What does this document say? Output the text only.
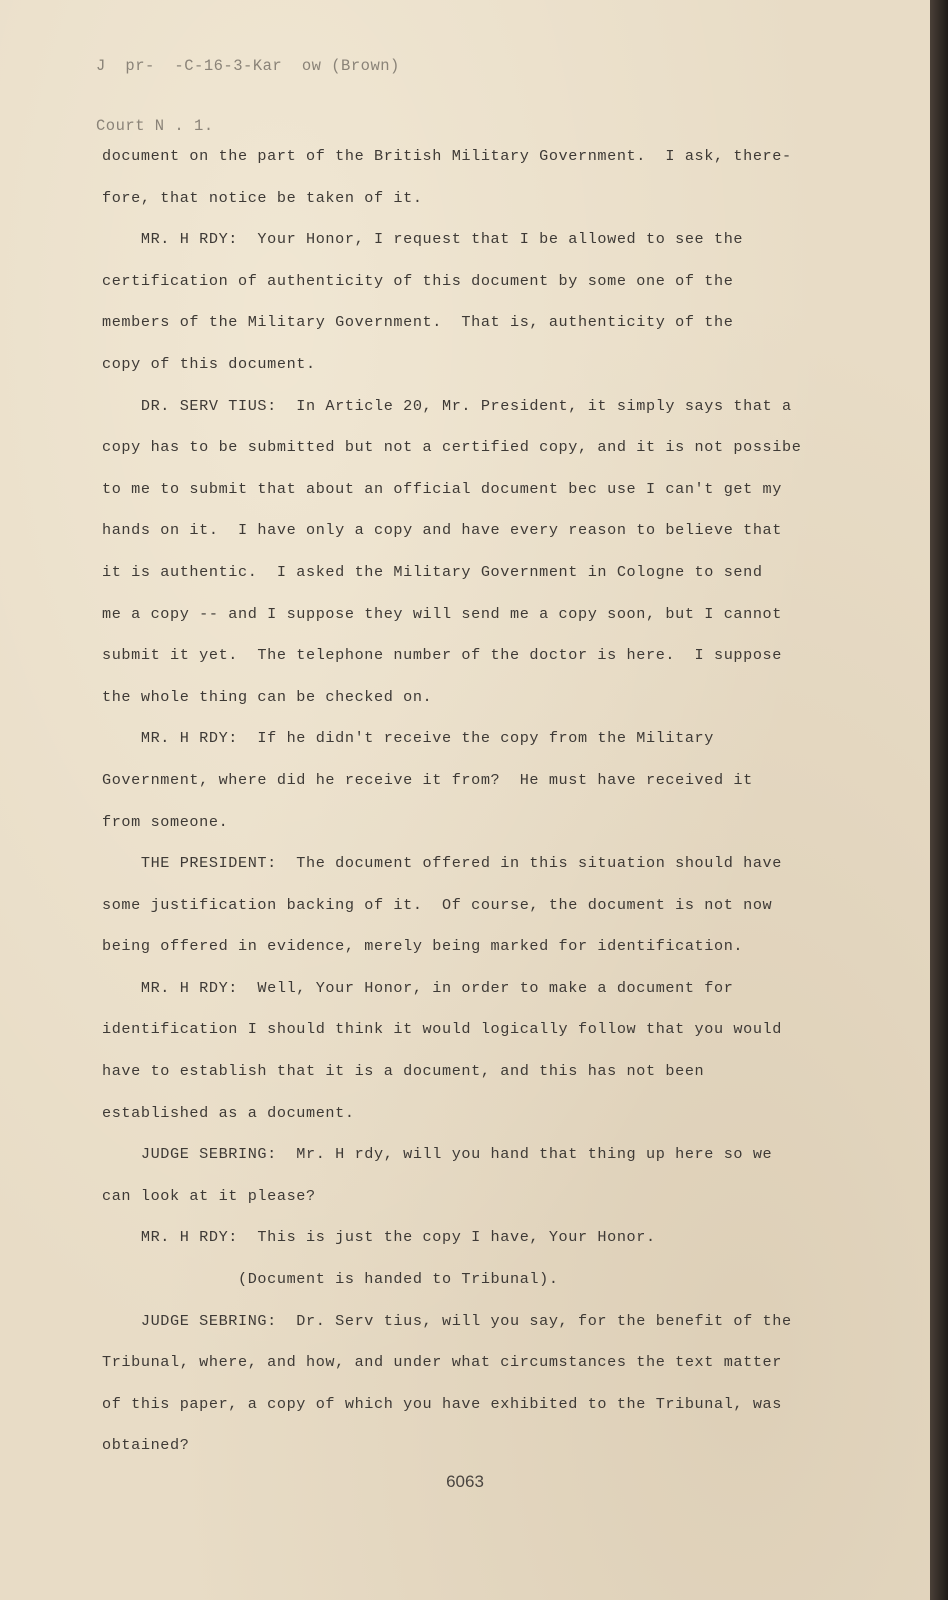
J  pr-  -C-16-3-Kar  ow (Brown)

Court N . 1.

document on the part of the British Military Government.  I ask, there-
fore, that notice be taken of it.
MR. H RDY:  Your Honor, I request that I be allowed to see the
certification of authenticity of this document by some one of the
members of the Military Government.  That is, authenticity of the
copy of this document.
DR. SERV TIUS:  In Article 20, Mr. President, it simply says that a
copy has to be submitted but not a certified copy, and it is not possibe
to me to submit that about an official document bec use I can't get my
hands on it.  I have only a copy and have every reason to believe that
it is authentic.  I asked the Military Government in Cologne to send
me a copy -- and I suppose they will send me a copy soon, but I cannot
submit it yet.  The telephone number of the doctor is here.  I suppose
the whole thing can be checked on.
MR. H RDY:  If he didn't receive the copy from the Military
Government, where did he receive it from?  He must have received it
from someone.
THE PRESIDENT:  The document offered in this situation should have
some justification backing of it.  Of course, the document is not now
being offered in evidence, merely being marked for identification.
MR. H RDY:  Well, Your Honor, in order to make a document for
identification I should think it would logically follow that you would
have to establish that it is a document, and this has not been
established as a document.
JUDGE SEBRING:  Mr. H rdy, will you hand that thing up here so we
can look at it please?
MR. H RDY:  This is just the copy I have, Your Honor.
(Document is handed to Tribunal).
JUDGE SEBRING:  Dr. Serv tius, will you say, for the benefit of the
Tribunal, where, and how, and under what circumstances the text matter
of this paper, a copy of which you have exhibited to the Tribunal, was
obtained?
6063
